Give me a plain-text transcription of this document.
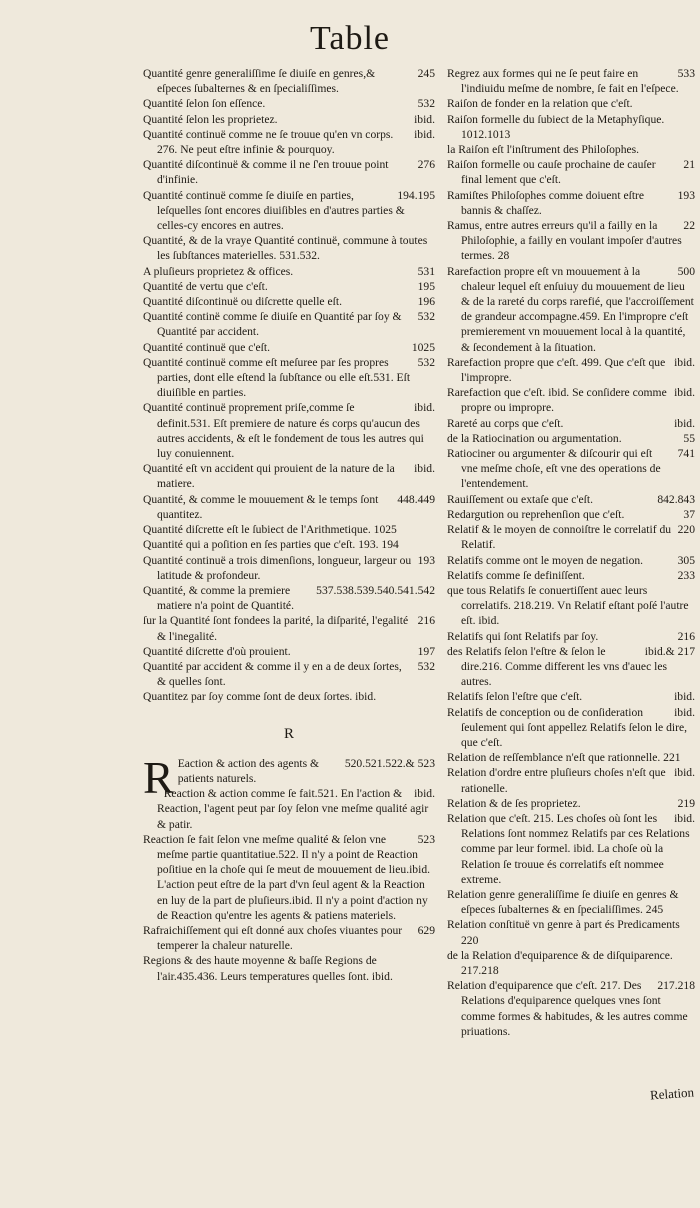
Table

245
Quantité genre generaliſſime ſe diuiſe en genres,& eſpeces ſubalternes & en ſpecialiſſimes.

532
Quantité ſelon ſon eſſence.

ibid.
Quantité ſelon les proprietez.

ibid.
Quantité continuë comme ne ſe trouue qu'en vn corps. 276. Ne peut eſtre infinie & pourquoy.

276
Quantité diſcontinuë & comme il ne ſ'en trouue point d'infinie.

194.195
Quantité continuë comme ſe diuiſe en parties, leſquelles ſont encores diuiſibles en d'autres parties & celles-cy encores en autres.

Quantité, & de la vraye Quantité continuë, commune à toutes les ſubſtances materielles. 531.532.

531
A pluſieurs proprietez & offices.

195
Quantité de vertu que c'eſt.

196
Quantité diſcontinuë ou diſcrette quelle eſt.

532
Quantité continë comme ſe diuiſe en Quantité par ſoy & Quantité par accident.

1025
Quantité continuë que c'eſt.

532
Quantité continuë comme eſt meſuree par ſes propres parties, dont elle eſtend la ſubſtance ou elle eſt.531. Eſt diuiſible en parties.

ibid.
Quantité continuë proprement priſe,comme ſe definit.531. Eſt premiere de nature és corps qu'aucun des autres accidents, & eſt le fondement de tous les autres qui luy conuiennent.

ibid.
Quantité eſt vn accident qui prouient de la nature de la matiere.

448.449
Quantité, & comme le mouuement & le temps ſont quantitez.

Quantité diſcrette eſt le ſubiect de l'Arithmetique. 1025

Quantité qui a poſition en ſes parties que c'eſt. 193. 194

193
Quantité continuë a trois dimenſions, longueur, largeur ou latitude & profondeur.

537.538.539.540.541.542
Quantité, & comme la premiere matiere n'a point de Quantité.

216
ſur la Quantité ſont fondees la parité, la diſparité, l'egalité & l'inegalité.

197
Quantité diſcrette d'où prouient.

532
Quantité par accident & comme il y en a de deux ſortes, & quelles ſont.

Quantitez par ſoy comme ſont de deux ſortes. ibid.

R

R	520.521.522.& 523
Eaction & action des agents & patients naturels.

ibid.
Reaction & action comme ſe fait.521. En l'action & Reaction, l'agent peut par ſoy ſelon vne meſme qualité agir & patir.

523
Reaction ſe fait ſelon vne meſme qualité & ſelon vne meſme partie quantitatiue.522. Il n'y a point de Reaction poſitiue en la choſe qui ſe meut de mouuement de lieu.ibid. L'action peut eſtre de la part d'vn ſeul agent & la Reaction en luy de la part de pluſieurs.ibid. Il n'y a point d'action ny de Reaction qu'entre les agents & patiens materiels.

629
Rafraichiſſement qui eſt donné aux choſes viuantes pour temperer la chaleur naturelle.

Regions & des haute moyenne & baſſe Regions de l'air.435.436. Leurs temperatures quelles ſont. ibid.

533
Regrez aux formes qui ne ſe peut faire en l'indiuidu meſme de nombre, ſe fait en l'eſpece.

Raiſon de fonder en la relation que c'eſt.

Raiſon formelle du ſubiect de la Metaphyſique. 1012.1013

la Raiſon eſt l'inſtrument des Philoſophes.

21
Raiſon formelle ou cauſe prochaine de cauſer final lement que c'eſt.

193
Ramiſtes Philoſophes comme doiuent eſtre bannis & chaſſez.

22
Ramus, entre autres erreurs qu'il a failly en la Philoſophie, a failly en voulant impoſer d'autres termes. 28

500
Rarefaction propre eſt vn mouuement à la chaleur lequel eſt enſuiuy du mouuement de lieu & de la rareté du corps rarefié, que l'accroiſſement de grandeur accompagne.459. En l'impropre c'eſt premierement vn mouuement local à la quantité, & ſecondement à la ſituation.

ibid.
Rarefaction propre que c'eſt. 499. Que c'eſt que l'impropre.

ibid.
Rarefaction que c'eſt. ibid. Se conſidere comme propre ou impropre.

ibid.
Rareté au corps que c'eſt.

55
de la Ratiocination ou argumentation.

741
Ratiociner ou argumenter & diſcourir qui eſt vne meſme choſe, eſt vne des operations de l'entendement.

842.843
Rauiſſement ou extaſe que c'eſt.

37
Redargution ou reprehenſion que c'eſt.

220
Relatif & le moyen de connoiſtre le correlatif du Relatif.

305
Relatifs comme ont le moyen de negation.

233
Relatifs comme ſe definiſſent.

que tous Relatifs ſe conuertiſſent auec leurs correlatifs. 218.219. Vn Relatif eſtant poſé l'autre eſt. ibid.

216
Relatifs qui ſont Relatifs par ſoy.

ibid.& 217
des Relatifs ſelon l'eſtre & ſelon le dire.216. Comme different les vns d'auec les autres.

ibid.
Relatifs ſelon l'eſtre que c'eſt.

ibid.
Relatifs de conception ou de conſideration ſeulement qui ſont appellez Relatifs ſelon le dire, que c'eſt.

Relation de reſſemblance n'eſt que rationnelle. 221

ibid.
Relation d'ordre entre pluſieurs choſes n'eſt que rationelle.

219
Relation & de ſes proprietez.

ibid.
Relation que c'eſt. 215. Les choſes où ſont les Relations ſont nommez Relatifs par ces Relations comme par leur formel. ibid. La choſe où la Relation ſe trouue és correlatifs eſt nommee extreme.

Relation genre generaliſſime ſe diuiſe en genres & eſpeces ſubalternes & en ſpecialiſſimes. 245

Relation conſtituë vn genre à part és Predicaments 220

de la Relation d'equiparence & de diſquiparence. 217.218

217.218
Relation d'equiparence que c'eſt. 217. Des Relations d'equiparence quelques vnes ſont comme formes & habitudes, & les autres comme priuations.

Relation
